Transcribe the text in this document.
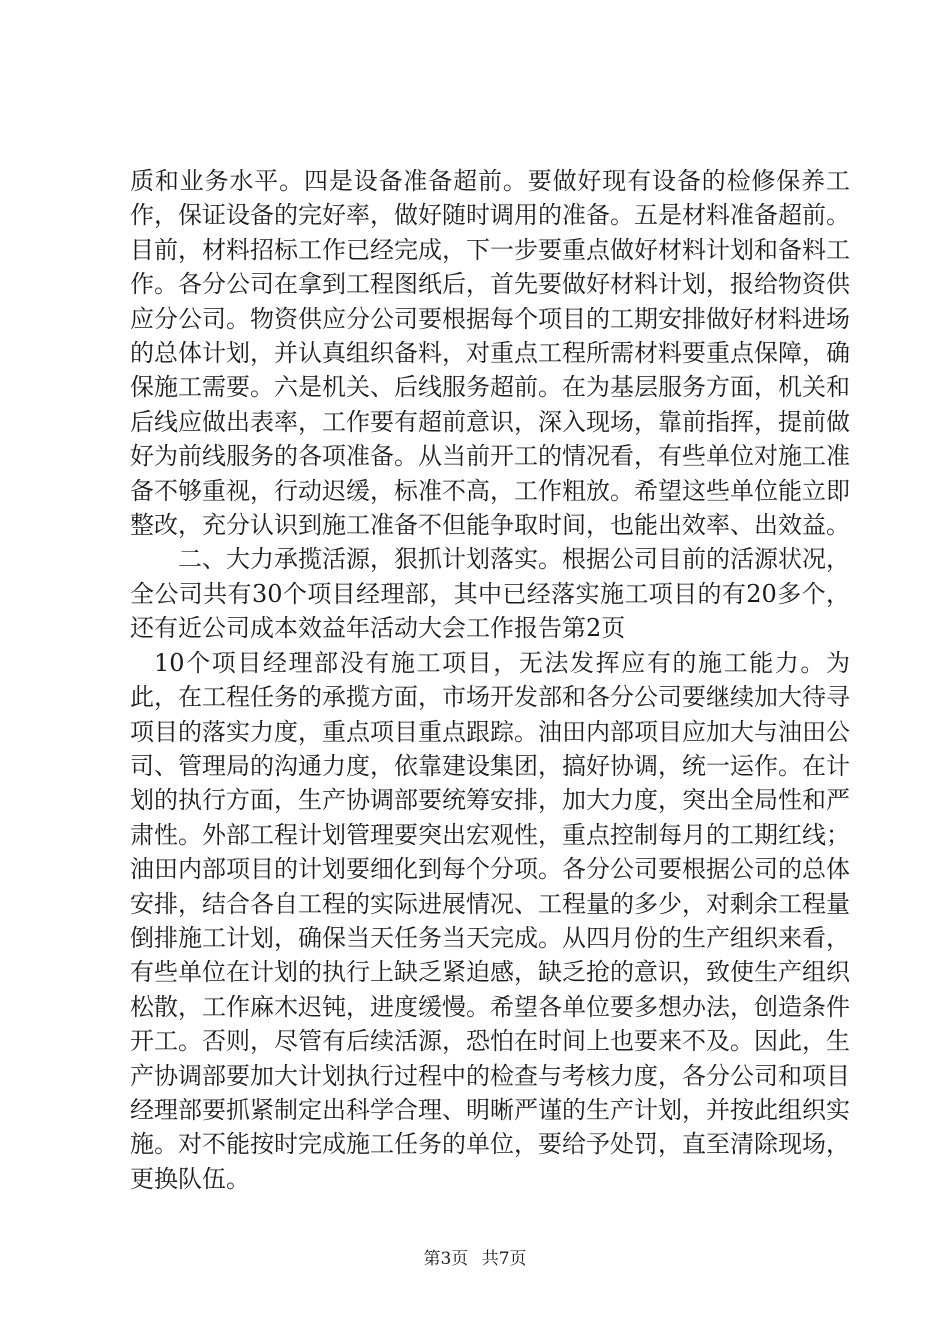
质和业务水平。四是设备准备超前。要做好现有设备的检修保养工作，保证设备的完好率，做好随时调用的准备。五是材料准备超前。目前，材料招标工作已经完成，下一步要重点做好材料计划和备料工作。各分公司在拿到工程图纸后，首先要做好材料计划，报给物资供应分公司。物资供应分公司要根据每个项目的工期安排做好材料进场的总体计划，并认真组织备料，对重点工程所需材料要重点保障，确保施工需要。六是机关、后线服务超前。在为基层服务方面，机关和后线应做出表率，工作要有超前意识，深入现场，靠前指挥，提前做好为前线服务的各项准备。从当前开工的情况看，有些单位对施工准备不够重视，行动迟缓，标准不高，工作粗放。希望这些单位能立即整改，充分认识到施工准备不但能争取时间，也能出效率、出效益。

二、大力承揽活源，狠抓计划落实。根据公司目前的活源状况，全公司共有30个项目经理部，其中已经落实施工项目的有20多个，还有近公司成本效益年活动大会工作报告第2页

10个项目经理部没有施工项目，无法发挥应有的施工能力。为此，在工程任务的承揽方面，市场开发部和各分公司要继续加大待寻项目的落实力度，重点项目重点跟踪。油田内部项目应加大与油田公司、管理局的沟通力度，依靠建设集团，搞好协调，统一运作。在计划的执行方面，生产协调部要统筹安排，加大力度，突出全局性和严肃性。外部工程计划管理要突出宏观性，重点控制每月的工期红线；油田内部项目的计划要细化到每个分项。各分公司要根据公司的总体安排，结合各自工程的实际进展情况、工程量的多少，对剩余工程量倒排施工计划，确保当天任务当天完成。从四月份的生产组织来看，有些单位在计划的执行上缺乏紧迫感，缺乏抢的意识，致使生产组织松散，工作麻木迟钝，进度缓慢。希望各单位要多想办法，创造条件开工。否则，尽管有后续活源，恐怕在时间上也要来不及。因此，生产协调部要加大计划执行过程中的检查与考核力度，各分公司和项目经理部要抓紧制定出科学合理、明晰严谨的生产计划，并按此组织实施。对不能按时完成施工任务的单位，要给予处罚，直至清除现场，更换队伍。

第3页 共7页
